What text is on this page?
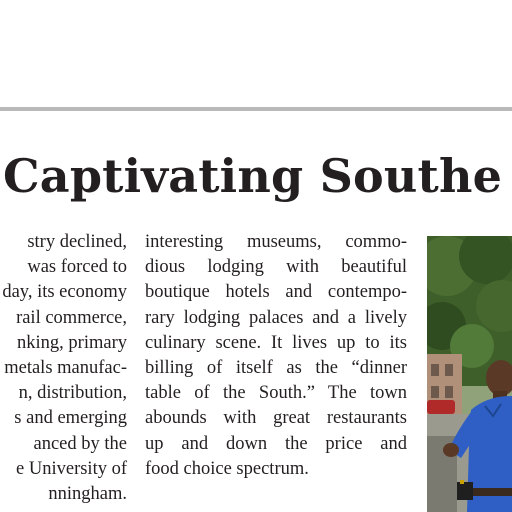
Captivating Southe
stry declined,
was forced to
day, its economy
rail commerce,
nking, primary
metals manufac-
n, distribution,
s and emerging
anced by the
e University of
nningham.
interesting museums, commo-
dious lodging with beautiful
boutique hotels and contempo-
rary lodging palaces and a lively
culinary scene. It lives up to its
billing of itself as the “dinner
table of the South.” The town
abounds with great restaurants
up and down the price and
food choice spectrum.
